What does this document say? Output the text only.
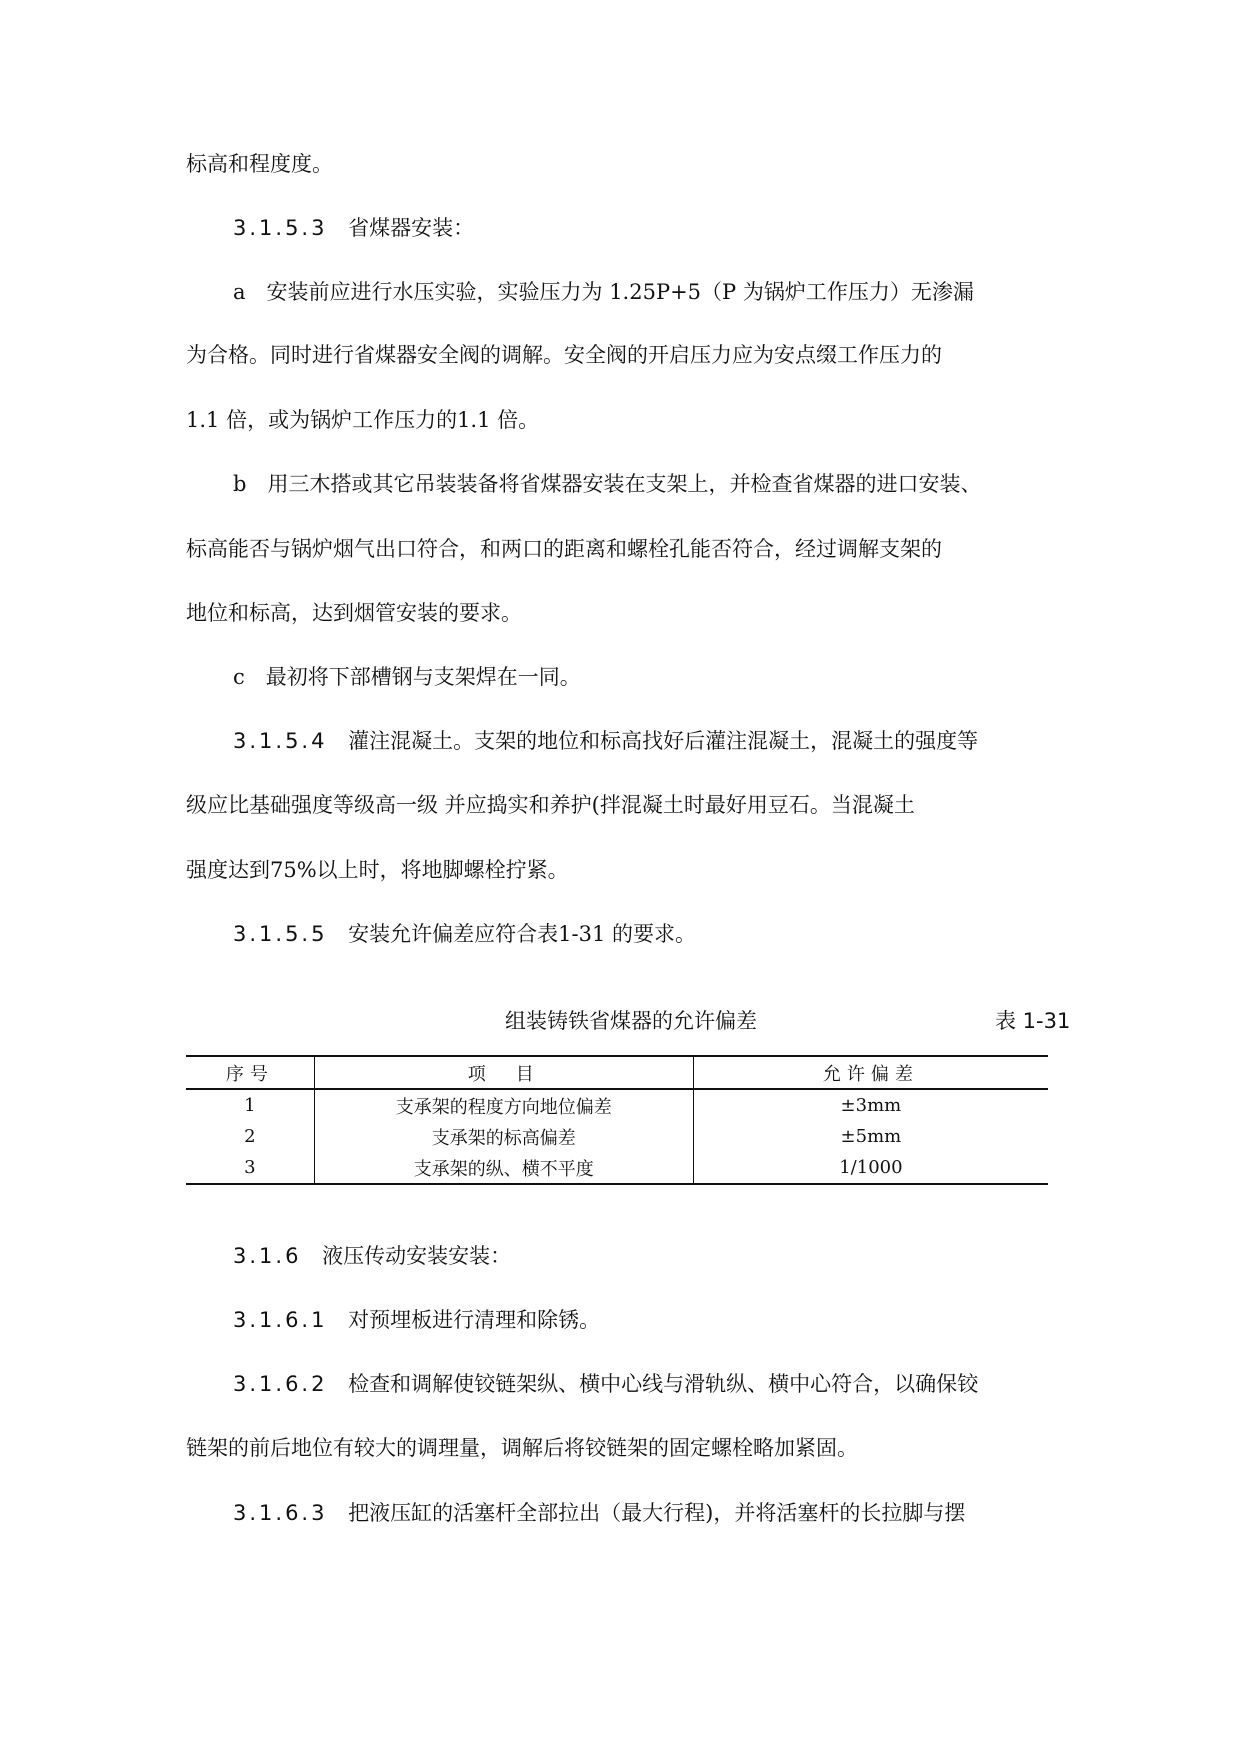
标高和程度度。
3.1.5.3 省煤器安装：
a　安装前应进行水压实验，实验压力为 1.25P+5（P 为锅炉工作压力）无渗漏
为合格。同时进行省煤器安全阀的调解。安全阀的开启压力应为安点缀工作压力的
1.1 倍，或为锅炉工作压力的1.1 倍。
b　用三木搭或其它吊装装备将省煤器安装在支架上，并检查省煤器的进口安装、
标高能否与锅炉烟气出口符合，和两口的距离和螺栓孔能否符合，经过调解支架的
地位和标高，达到烟管安装的要求。
c　最初将下部槽钢与支架焊在一同。
3.1.5.4 灌注混凝土。支架的地位和标高找好后灌注混凝土，混凝土的强度等
级应比基础强度等级高一级 并应捣实和养护(拌混凝土时最好用豆石。当混凝土
强度达到75%以上时，将地脚螺栓拧紧。
3.1.5.5 安装允许偏差应符合表1-31 的要求。
组装铸铁省煤器的允许偏差	表 1-31
序号	项　目	允许偏差
1	支承架的程度方向地位偏差	±3mm
2	支承架的标高偏差	±5mm
3	支承架的纵、横不平度	1/1000
3.1.6 液压传动安装安装：
3.1.6.1 对预埋板进行清理和除锈。
3.1.6.2 检查和调解使铰链架纵、横中心线与滑轨纵、横中心符合，以确保铰
链架的前后地位有较大的调理量，调解后将铰链架的固定螺栓略加紧固。
3.1.6.3 把液压缸的活塞杆全部拉出（最大行程)，并将活塞杆的长拉脚与摆
